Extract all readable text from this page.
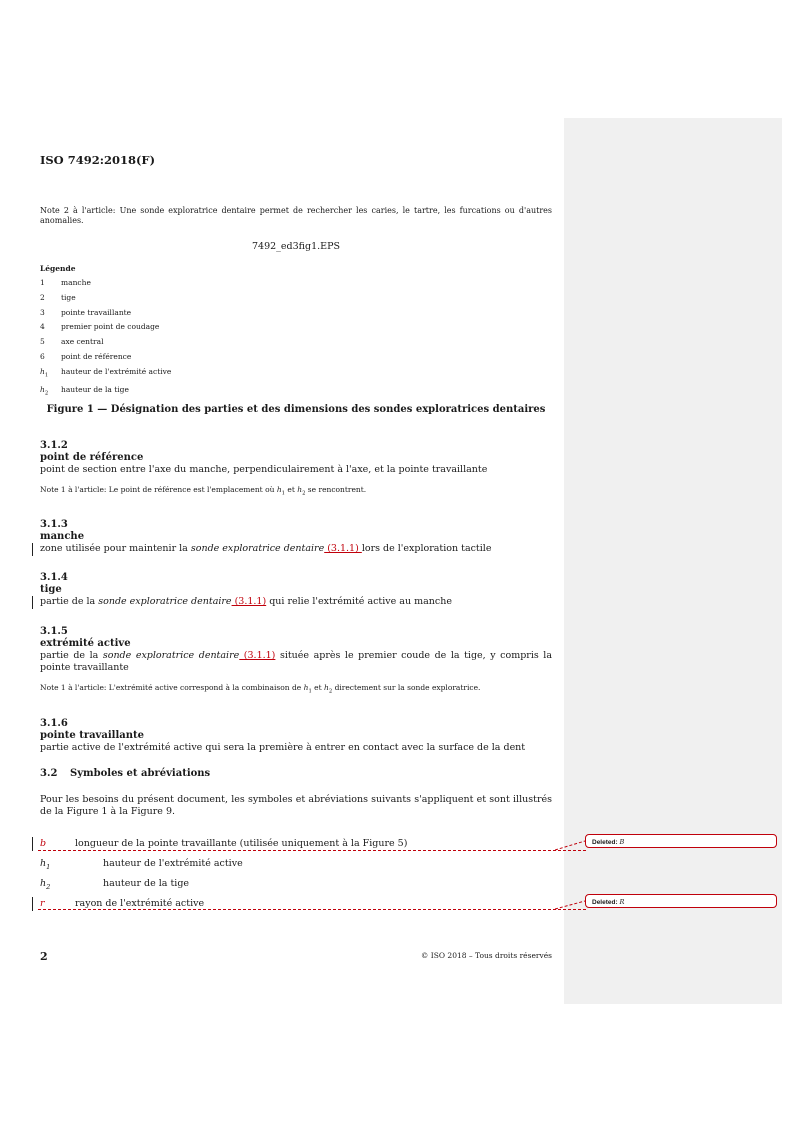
ISO 7492:2018(F)
Note 2 à l'article: Une sonde exploratrice dentaire permet de rechercher les caries, le tartre, les furcations ou d'autres anomalies.
7492_ed3fig1.EPS
Légende
1	manche
2	tige
3	pointe travaillante
4	premier point de coudage
5	axe central
6	point de référence
$h_1$	hauteur de l'extrémité active
$h_2$	hauteur de la tige
Figure 1 — Désignation des parties et des dimensions des sondes exploratrices dentaires
3.1.2
point de référence
point de section entre l'axe du manche, perpendiculairement à l'axe, et la pointe travaillante
Note 1 à l'article: Le point de référence est l'emplacement où $h_1$ et $h_2$ se rencontrent.
3.1.3
manche
zone utilisée pour maintenir la sonde exploratrice dentaire (3.1.1) lors de l'exploration tactile
3.1.4
tige
partie de la sonde exploratrice dentaire (3.1.1) qui relie l'extrémité active au manche
3.1.5
extrémité active
partie de la sonde exploratrice dentaire (3.1.1) située après le premier coude de la tige, y compris la pointe travaillante
Note 1 à l'article: L'extrémité active correspond à la combinaison de $h_1$ et $h_2$ directement sur la sonde exploratrice.
3.1.6
pointe travaillante
partie active de l'extrémité active qui sera la première à entrer en contact avec la surface de la dent
3.2 Symboles et abréviations
Pour les besoins du présent document, les symboles et abréviations suivants s'appliquent et sont illustrés de la Figure 1 à la Figure 9.
b	longueur de la pointe travaillante (utilisée uniquement à la Figure 5)
$h_1$	hauteur de l'extrémité active
$h_2$	hauteur de la tige
r	rayon de l'extrémité active
Deleted: B
Deleted: R
2	© ISO 2018 – Tous droits réservés
